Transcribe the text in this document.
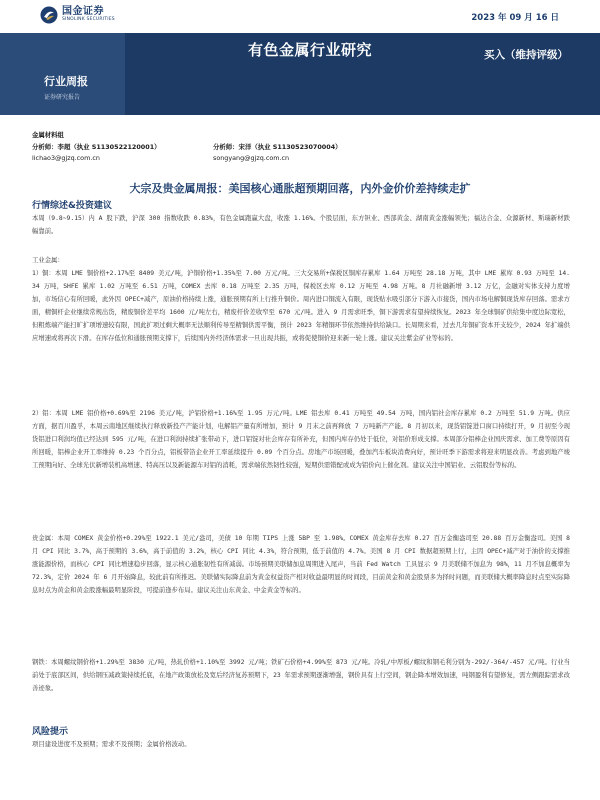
国金证券
SINOLINK SECURITIES	2023 年 09 月 16 日
有色金属行业研究	买入（维持评级）
行业周报
证券研究报告
金属材料组
分析师：李超（执业 S1130522120001）
lichao3@gjzq.com.cn
分析师：宋洋（执业 S1130523070004）
songyang@gjzq.com.cn
大宗及贵金属周报：美国核心通胀超预期回落，内外金价价差持续走扩
行情综述&投资建议

本周（9.8~9.15）内 A 股下跌，沪深 300 指数收跌 0.83%，有色金属跑赢大盘，收涨 1.16%。个股层面，东方钽业、西部黄金、湖南黄金涨幅领先；福达合金、众源新材、斯瑞新材跌幅靠前。

工业金属：

1）铜：本周 LME 铜价格+2.17%至 8409 美元/吨，沪铜价格+1.35%至 7.00 万元/吨。三大交易所+保税区铜库存累库 1.64 万吨至 28.18 万吨，其中 LME 累库 0.93 万吨至 14.34 万吨，SHFE 累库 1.02 万吨至 6.51 万吨，COMEX 去库 0.18 万吨至 2.35 万吨，保税区去库 0.12 万吨至 4.98 万吨。8 月社融新增 3.12 万亿，金融对实体支持力度增加，市场信心有所回暖，此外因 OPEC+减产，原油价格持续上涨，通胀预期有所上行推升铜价。周内进口铜流入有限，现货贴水吸引部分下游入市接货，国内市场电解铜现货库存回落。需求方面，精铜杆企业继续常规出货，精废铜价差平均 1600 元/吨左右，精废杆价差收窄至 670 元/吨。进入 9 月需求旺季，铜下游需求有望持续恢复。2023 年全球铜矿供给集中度边际宽松，但粗炼端产能扫旷扩项增速较有限，国此扩项过剩大概率无法顺利传导至精铜供需平衡，预计 2023 年精铜环节依然维持供给缺口。长周期来看，过去几年铜矿资本开支较少，2024 年扩端供应增速或将再次下滑。在库存低位和通胀预期支撑下，后续国内外经济体需求一旦出现共振，或将促使铜价迎来新一轮上涨。建议关注紫金矿业等标的。

2）铝：本周 LME 铝价格+0.69%至 2196 美元/吨，沪铝价格+1.16%至 1.95 万元/吨。LME 铝去库 0.41 万吨至 49.54 万吨，国内铝社会库存累库 0.2 万吨至 51.9 万吨。供应方面，据百川盈孚，本周云南地区继续执行释放新投产产能计划，电解铝产量有所增加，预计 9 月末之前再释放 7 万吨新产产能。8 月初以来，现货铝锭进口窗口持续打开，9 月初至今现货铝进口利润均值已经达到 595 元/吨，在进口利润持续扩张带动下，进口铝锭对社会库存有所补充，但国内库存仍处于低位，对铝价形成支撑。本周部分铝棒企业国庆需求、加工费等原因有所回暖，铝棒企业开工率维持 0.23 个百分点，铝板带箔企业开工率延续提升 0.09 个百分点。房地产市场回暖，叠加汽车板块消费向好，预计旺季下游需求将迎来明显改善。考虑到地产竣工预期向好、全球光伏新增装机高增速、特高压以及新能源车对铝的消耗，需求端依然韧性较强，短期供需错配或成为铝价向上催化剂。建议关注中国铝业、云铝股份等标的。

贵金属：本周 COMEX 黄金价格+0.29%至 1922.1 美元/盎司，美债 10 年期 TIPS 上涨 5BP 至 1.98%。COMEX 黄金库存去库 0.27 百万金衡盎司至 20.88 百万金衡盎司。美国 8 月 CPI 同比 3.7%，高于预期的 3.6%，高于前值的 3.2%，核心 CPI 同比 4.3%，符合预期，低于前值的 4.7%。美国 8 月 CPI 数据超预期上行，主因 OPEC+减产对于油价的支撑推涨能源价格，而核心 CPI 同比增速稳步回落，显示核心通胀韧性有所减弱。市场预期美联储加息周期进入尾声，当前 Fed Watch 工具显示 9 月美联储不加息为 98%，11 月不加息概率为 72.3%，定价 2024 年 6 月开始降息，较此前有所推迟。美联储实际降息前为黄金权益资产相对收益最明显的时间段，目前黄金和黄金股票多为择时问题，而美联储大概率降息时点至实际降息时点为黄金和黄金股涨幅最明显阶段，可提前逢步布局。建议关注山东黄金、中金黄金等标的。

钢铁：本周螺纹钢价格+1.29%至 3830 元/吨，热轧价格+1.10%至 3992 元/吨；铁矿石价格+4.99%至 873 元/吨。冷轧/中厚板/螺纹和钢毛利分别为-292/-364/-457 元/吨。行业当前处于底部区间，供给钢压减政策持续托底，在地产政策放松及宽后经济复苏预期下，23 年需求预期逐渐增强，钢价具有上行空间，钢企降本增效加速，吨钢盈利有望修复，需左侧跟踪需求改善迹象。

风险提示

项目建设进度不及预期；需求不及预期；金属价格波动。
